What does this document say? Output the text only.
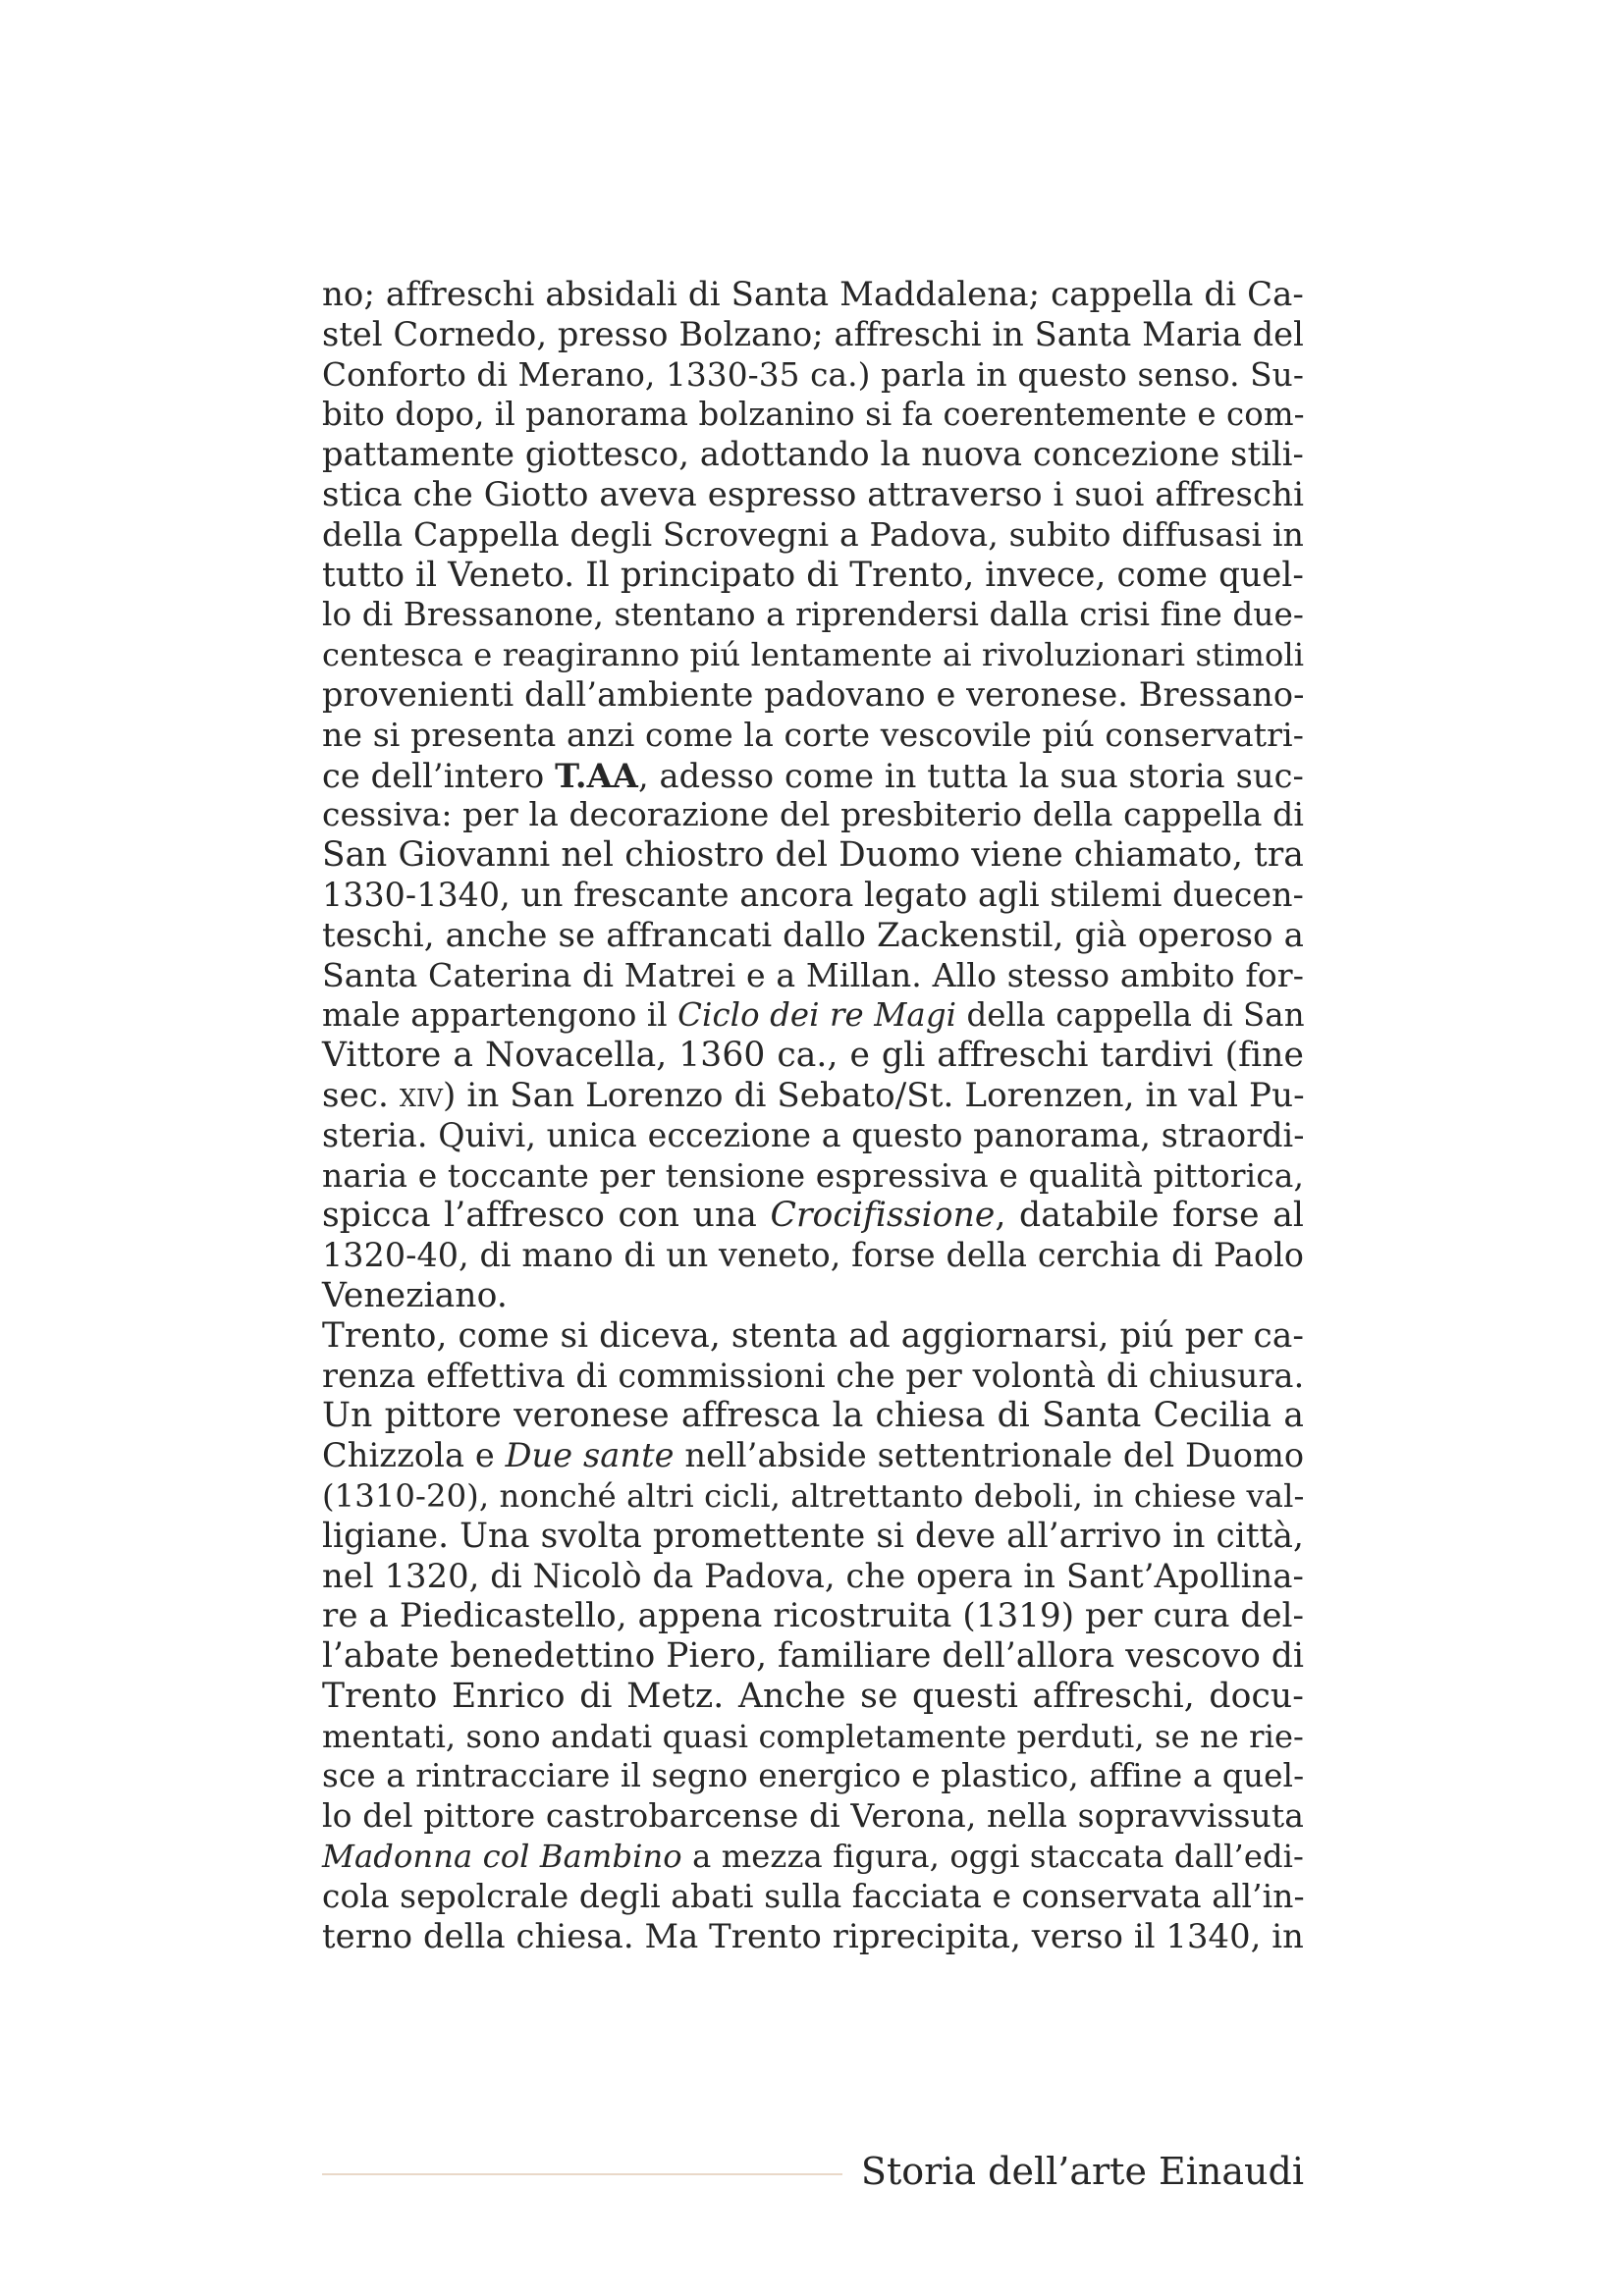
no; affreschi absidali di Santa Maddalena; cappella di Ca-
stel Cornedo, presso Bolzano; affreschi in Santa Maria del
Conforto di Merano, 1330-35 ca.) parla in questo senso. Su-
bito dopo, il panorama bolzanino si fa coerentemente e com-
pattamente giottesco, adottando la nuova concezione stili-
stica che Giotto aveva espresso attraverso i suoi affreschi
della Cappella degli Scrovegni a Padova, subito diffusasi in
tutto il Veneto. Il principato di Trento, invece, come quel-
lo di Bressanone, stentano a riprendersi dalla crisi fine due-
centesca e reagiranno piú lentamente ai rivoluzionari stimoli
provenienti dall’ambiente padovano e veronese. Bressano-
ne si presenta anzi come la corte vescovile piú conservatri-
ce dell’intero T.AA, adesso come in tutta la sua storia suc-
cessiva: per la decorazione del presbiterio della cappella di
San Giovanni nel chiostro del Duomo viene chiamato, tra
1330-1340, un frescante ancora legato agli stilemi duecen-
teschi, anche se affrancati dallo Zackenstil, già operoso a
Santa Caterina di Matrei e a Millan. Allo stesso ambito for-
male appartengono il Ciclo dei re Magi della cappella di San
Vittore a Novacella, 1360 ca., e gli affreschi tardivi (fine
sec. xiv) in San Lorenzo di Sebato/St. Lorenzen, in val Pu-
steria. Quivi, unica eccezione a questo panorama, straordi-
naria e toccante per tensione espressiva e qualità pittorica,
spicca l’affresco con una Crocifissione, databile forse al
1320-40, di mano di un veneto, forse della cerchia di Paolo
Veneziano.
Trento, come si diceva, stenta ad aggiornarsi, piú per ca-
renza effettiva di commissioni che per volontà di chiusura.
Un pittore veronese affresca la chiesa di Santa Cecilia a
Chizzola e Due sante nell’abside settentrionale del Duomo
(1310-20), nonché altri cicli, altrettanto deboli, in chiese val-
ligiane. Una svolta promettente si deve all’arrivo in città,
nel 1320, di Nicolò da Padova, che opera in Sant’Apollina-
re a Piedicastello, appena ricostruita (1319) per cura del-
l’abate benedettino Piero, familiare dell’allora vescovo di
Trento Enrico di Metz. Anche se questi affreschi, docu-
mentati, sono andati quasi completamente perduti, se ne rie-
sce a rintracciare il segno energico e plastico, affine a quel-
lo del pittore castrobarcense di Verona, nella sopravvissuta
Madonna col Bambino a mezza figura, oggi staccata dall’edi-
cola sepolcrale degli abati sulla facciata e conservata all’in-
terno della chiesa. Ma Trento riprecipita, verso il 1340, in
Storia dell’arte Einaudi
